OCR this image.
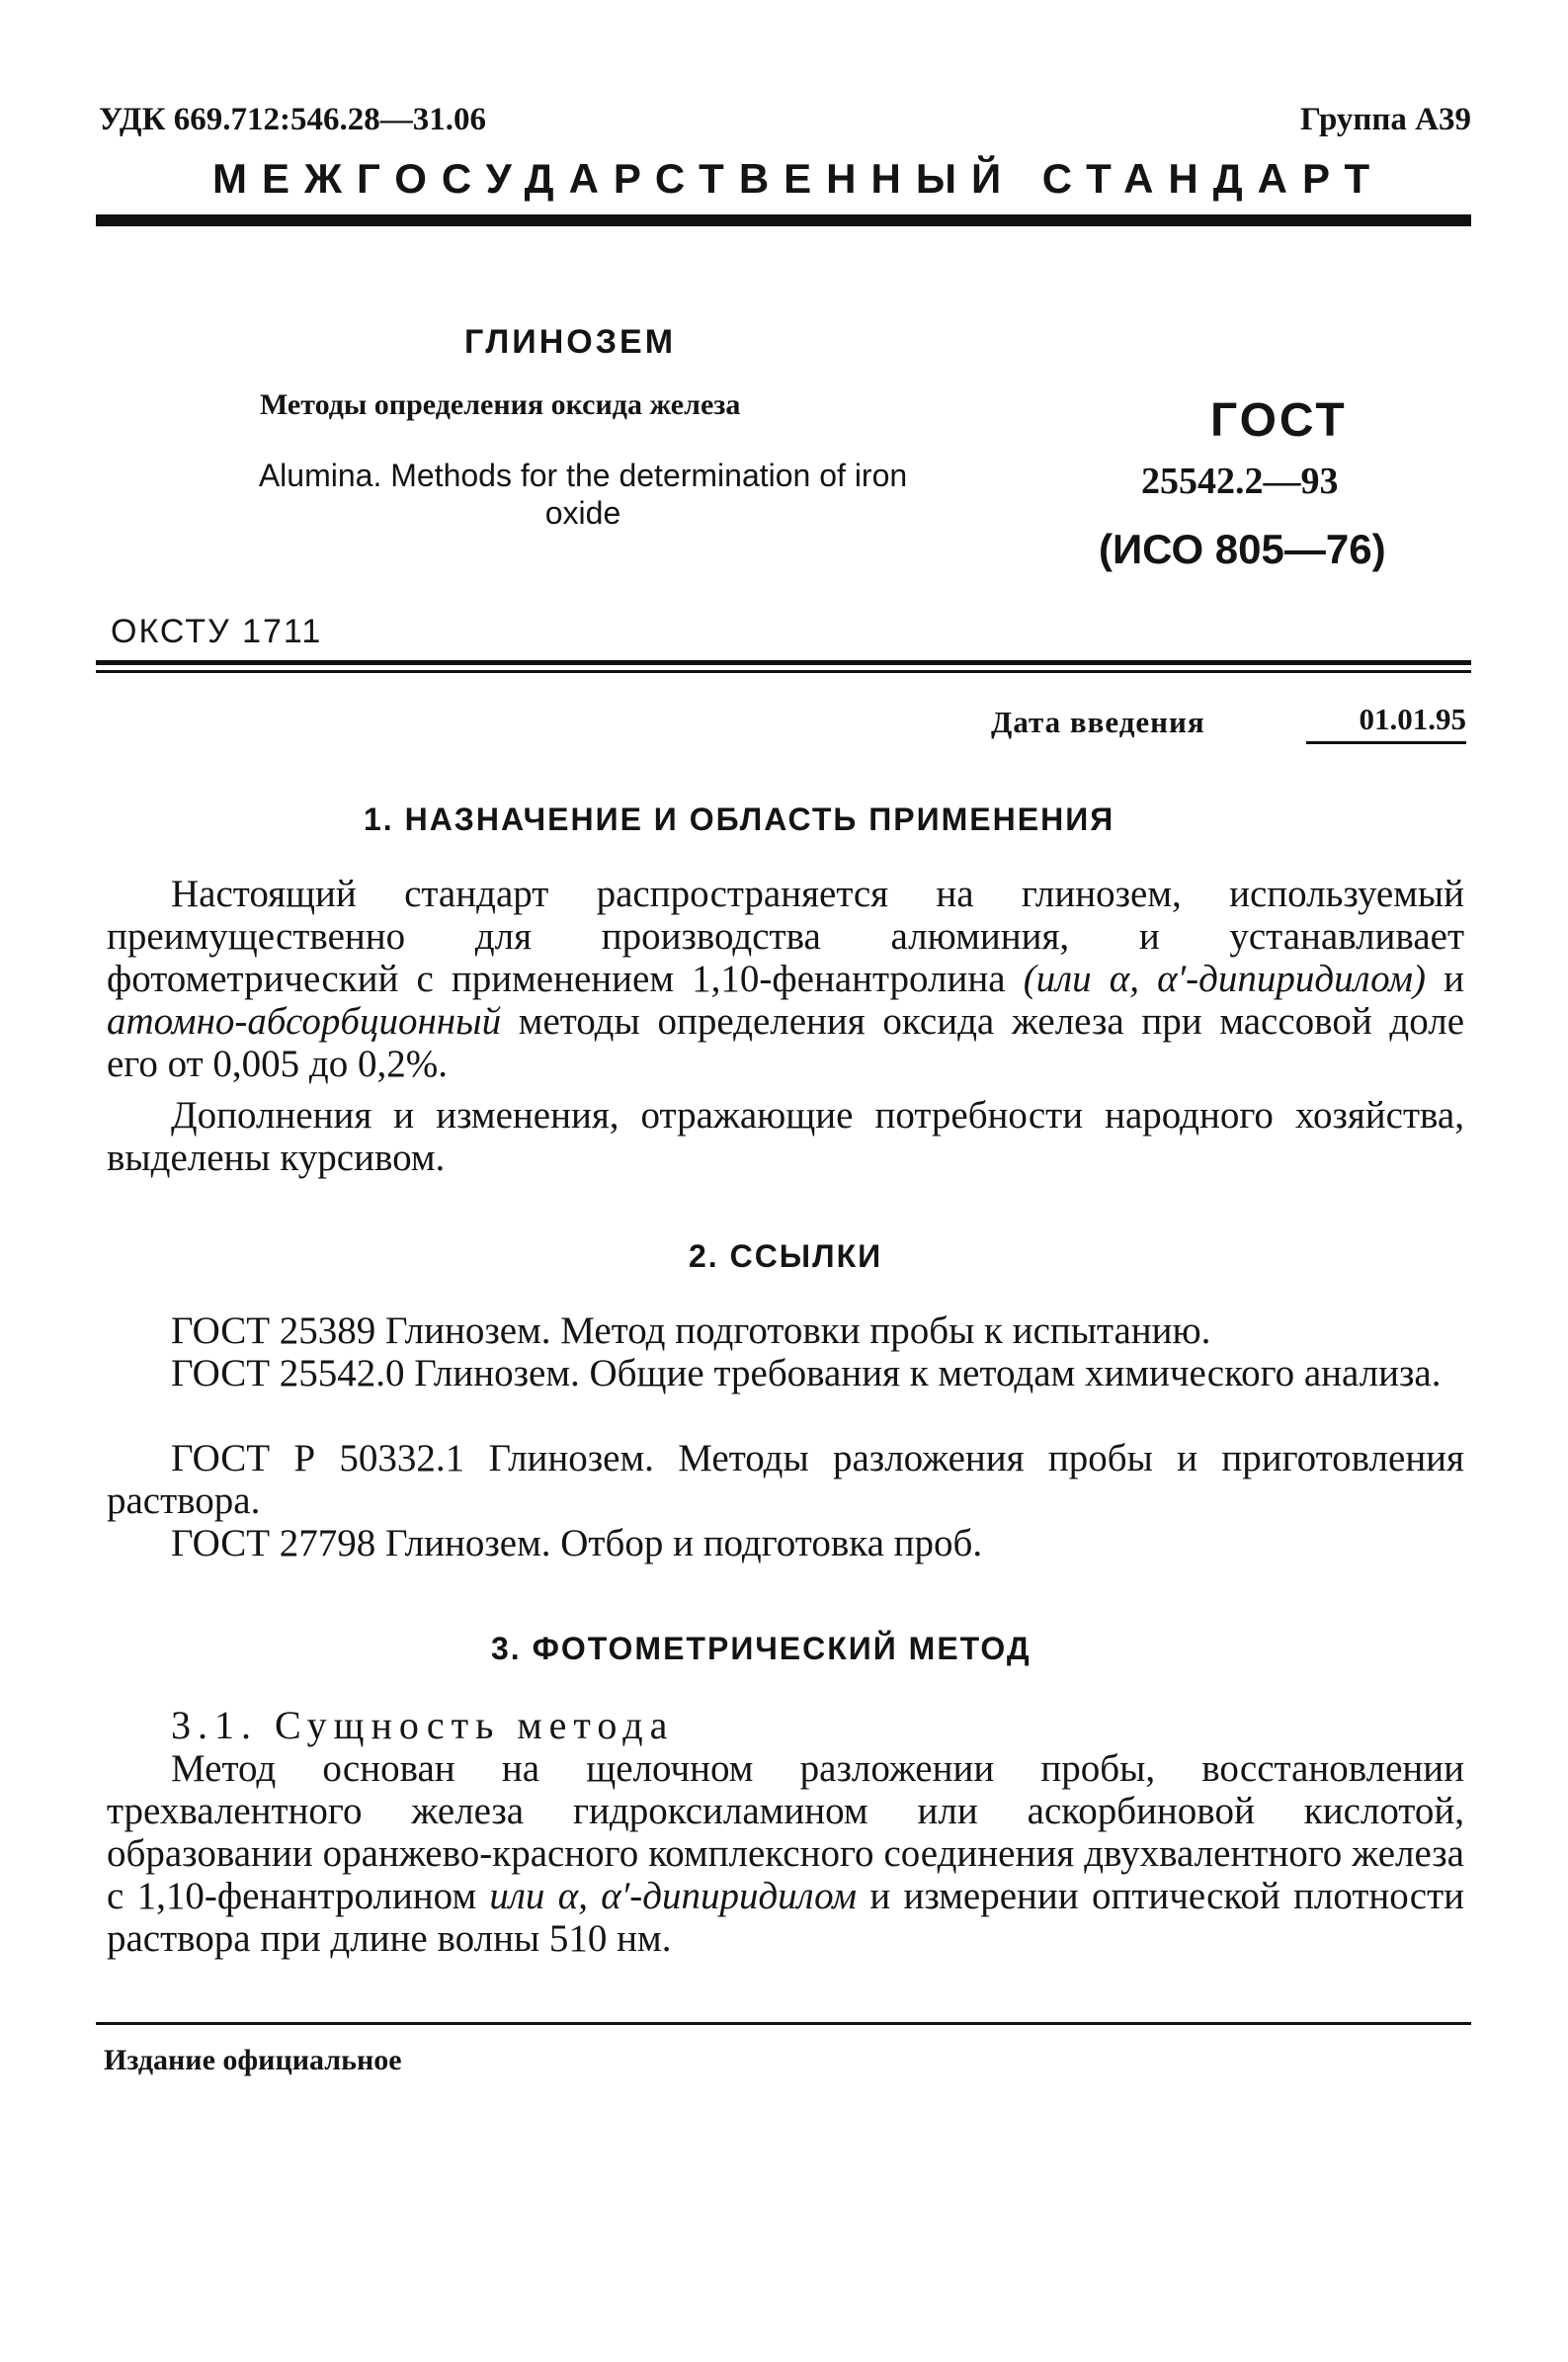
УДК 669.712:546.28—31.06	Группа А39
МЕЖГОСУДАРСТВЕННЫЙ СТАНДАРТ
ГЛИНОЗЕМ
Методы определения оксида железа
Alumina. Methods for the determination of iron oxide
ГОСТ
25542.2—93
(ИСО 805—76)
ОКСТУ 1711
Дата введения	01.01.95
1. НАЗНАЧЕНИЕ И ОБЛАСТЬ ПРИМЕНЕНИЯ
Настоящий стандарт распространяется на глинозем, используемый преимущественно для производства алюминия, и устанавливает фотометрический с применением 1,10-фенантролина (или α, α′-дипиридилом) и атомно-абсорбционный методы определения оксида железа при массовой доле его от 0,005 до 0,2%.
Дополнения и изменения, отражающие потребности народного хозяйства, выделены курсивом.
2. ССЫЛКИ
ГОСТ 25389 Глинозем. Метод подготовки пробы к испытанию.
ГОСТ 25542.0 Глинозем. Общие требования к методам химического анализа.
ГОСТ Р 50332.1 Глинозем. Методы разложения пробы и приготовления раствора.
ГОСТ 27798 Глинозем. Отбор и подготовка проб.
3. ФОТОМЕТРИЧЕСКИЙ МЕТОД
3.1. Сущность метода
Метод основан на щелочном разложении пробы, восстановлении трехвалентного железа гидроксиламином или аскорбиновой кислотой, образовании оранжево-красного комплексного соединения двухвалентного железа с 1,10-фенантролином или α, α′-дипиридилом и измерении оптической плотности раствора при длине волны 510 нм.
Издание официальное
